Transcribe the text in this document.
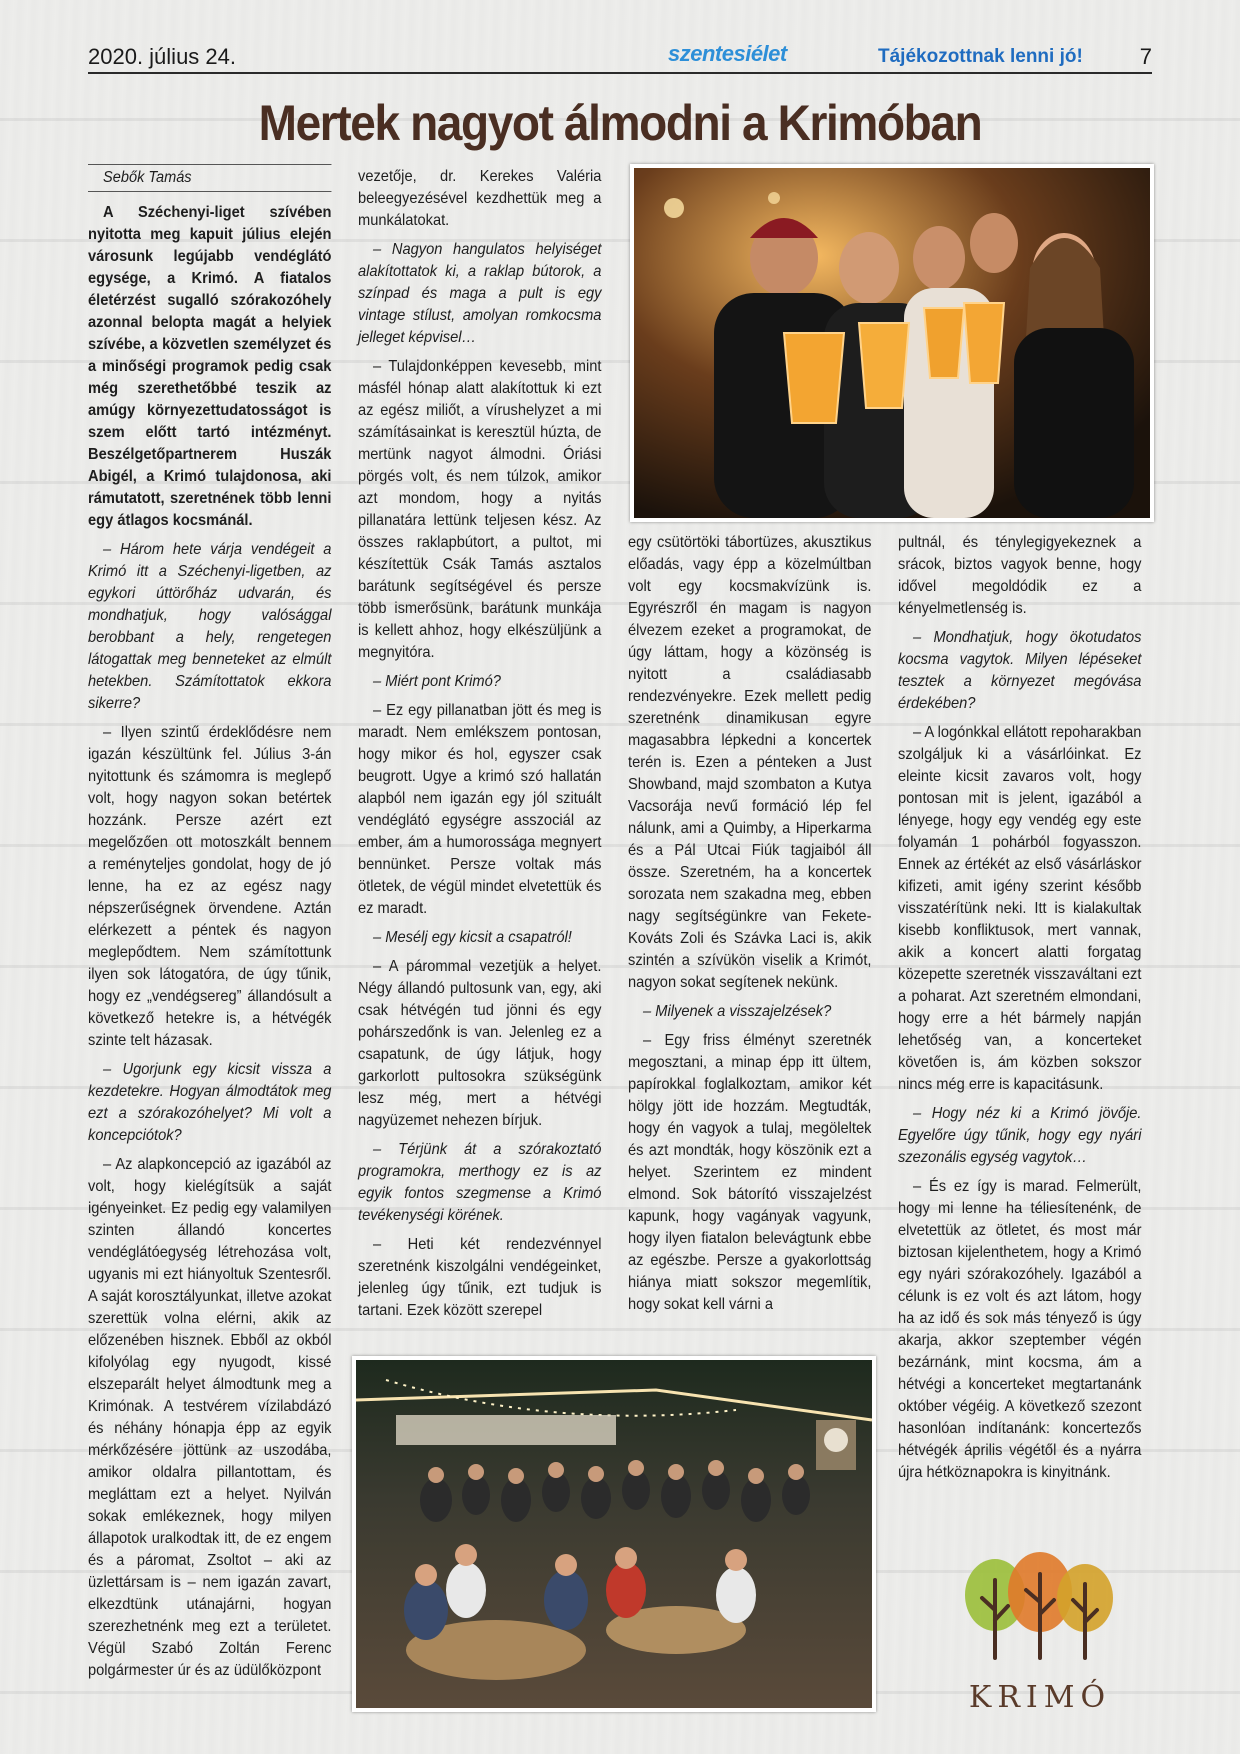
2020. július 24.	szentesiélet	Tájékozottnak lenni jó!	7
Mertek nagyot álmodni a Krimóban
Sebők Tamás

A Széchenyi-liget szívében nyitotta meg kapuit július elején városunk legújabb vendéglátó egysége, a Krimó. A fiatalos életérzést sugalló szórakozóhely azonnal belopta magát a helyiek szívébe, a közvetlen személyzet és a minőségi programok pedig csak még szerethetőbbé teszik az amúgy környezettudatosságot is szem előtt tartó intézményt. Beszélgetőpartnerem Huszák Abigél, a Krimó tulajdonosa, aki rámutatott, szeretnének több lenni egy átlagos kocsmánál.

– Három hete várja vendégeit a Krimó itt a Széchenyi-ligetben, az egykori úttörőház udvarán, és mondhatjuk, hogy valósággal berobbant a hely, rengetegen látogattak meg benneteket az elmúlt hetekben. Számítottatok ekkora sikerre?

– Ilyen szintű érdeklődésre nem igazán készültünk fel. Július 3-án nyitottunk és számomra is meglepő volt, hogy nagyon sokan betértek hozzánk. Persze azért ezt megelőzően ott motoszkált bennem a reményteljes gondolat, hogy de jó lenne, ha ez az egész nagy népszerűségnek örvendene. Aztán elérkezett a péntek és nagyon meglepődtem. Nem számítottunk ilyen sok látogatóra, de úgy tűnik, hogy ez „vendégsereg” állandósult a következő hetekre is, a hétvégék szinte telt házasak.

– Ugorjunk egy kicsit vissza a kezdetekre. Hogyan álmodtátok meg ezt a szórakozóhelyet? Mi volt a koncepciótok?

– Az alapkoncepció az igazából az volt, hogy kielégítsük a saját igényeinket. Ez pedig egy valamilyen szinten állandó koncertes vendéglátóegység létrehozása volt, ugyanis mi ezt hiányoltuk Szentesről. A saját korosztályunkat, illetve azokat szerettük volna elérni, akik az előzenében hisznek. Ebből az okból kifolyólag egy nyugodt, kissé elszeparált helyet álmodtunk meg a Krimónak. A testvérem vízilabdázó és néhány hónapja épp az egyik mérkőzésére jöttünk az uszodába, amikor oldalra pillantottam, és megláttam ezt a helyet. Nyilván sokak emlékeznek, hogy milyen állapotok uralkodtak itt, de ez engem és a páromat, Zsoltot – aki az üzlettársam is – nem igazán zavart, elkezdtünk utánajárni, hogyan szerezhetnénk meg ezt a területet. Végül Szabó Zoltán Ferenc polgármester úr és az üdülőközpont

vezetője, dr. Kerekes Valéria beleegyezésével kezdhettük meg a munkálatokat.

– Nagyon hangulatos helyiséget alakítottatok ki, a raklap bútorok, a színpad és maga a pult is egy vintage stílust, amolyan romkocsma jelleget képvisel…

– Tulajdonképpen kevesebb, mint másfél hónap alatt alakítottuk ki ezt az egész miliőt, a vírushelyzet a mi számításainkat is keresztül húzta, de mertünk nagyot álmodni. Óriási pörgés volt, és nem túlzok, amikor azt mondom, hogy a nyitás pillanatára lettünk teljesen kész. Az összes raklapbútort, a pultot, mi készítettük Csák Tamás asztalos barátunk segítségével és persze több ismerősünk, barátunk munkája is kellett ahhoz, hogy elkészüljünk a megnyitóra.

– Miért pont Krimó?

– Ez egy pillanatban jött és meg is maradt. Nem emlékszem pontosan, hogy mikor és hol, egyszer csak beugrott. Ugye a krimó szó hallatán alapból nem igazán egy jól szituált vendéglátó egységre asszociál az ember, ám a humorossága megnyert bennünket. Persze voltak más ötletek, de végül mindet elvetettük és ez maradt.

– Mesélj egy kicsit a csapatról!

– A párommal vezetjük a helyet. Négy állandó pultosunk van, egy, aki csak hétvégén tud jönni és egy pohárszedőnk is van. Jelenleg ez a csapatunk, de úgy látjuk, hogy garkorlott pultosokra szükségünk lesz még, mert a hétvégi nagyüzemet nehezen bírjuk.

– Térjünk át a szórakoztató programokra, merthogy ez is az egyik fontos szegmense a Krimó tevékenységi körének.

– Heti két rendezvénnyel szeretnénk kiszolgálni vendégeinket, jelenleg úgy tűnik, ezt tudjuk is tartani. Ezek között szerepel

egy csütörtöki tábortüzes, akusztikus előadás, vagy épp a közelmúltban volt egy kocsmakvízünk is. Egyrészről én magam is nagyon élvezem ezeket a programokat, de úgy láttam, hogy a közönség is nyitott a családiasabb rendezvényekre. Ezek mellett pedig szeretnénk dinamikusan egyre magasabbra lépkedni a koncertek terén is. Ezen a pénteken a Just Showband, majd szombaton a Kutya Vacsorája nevű formáció lép fel nálunk, ami a Quimby, a Hiperkarma és a Pál Utcai Fiúk tagjaiból áll össze. Szeretném, ha a koncertek sorozata nem szakadna meg, ebben nagy segítségünkre van Fekete-Kováts Zoli és Szávka Laci is, akik szintén a szívükön viselik a Krimót, nagyon sokat segítenek nekünk.

– Milyenek a visszajelzések?

– Egy friss élményt szeretnék megosztani, a minap épp itt ültem, papírokkal foglalkoztam, amikor két hölgy jött ide hozzám. Megtudták, hogy én vagyok a tulaj, megöleltek és azt mondták, hogy köszönik ezt a helyet. Szerintem ez mindent elmond. Sok bátorító visszajelzést kapunk, hogy vagányak vagyunk, hogy ilyen fiatalon belevágtunk ebbe az egészbe. Persze a gyakorlottság hiánya miatt sokszor megemlítik, hogy sokat kell várni a

pultnál, és ténylegigyekeznek a srácok, biztos vagyok benne, hogy idővel megoldódik ez a kényelmetlenség is.

– Mondhatjuk, hogy ökotudatos kocsma vagytok. Milyen lépéseket tesztek a környezet megóvása érdekében?

– A logónkkal ellátott repoharakban szolgáljuk ki a vásárlóinkat. Ez eleinte kicsit zavaros volt, hogy pontosan mit is jelent, igazából a lényege, hogy egy vendég egy este folyamán 1 pohárból fogyasszon. Ennek az értékét az első vásárláskor kifizeti, amit igény szerint később visszatérítünk neki. Itt is kialakultak kisebb konfliktusok, mert vannak, akik a koncert alatti forgatag közepette szeretnék visszaváltani ezt a poharat. Azt szeretném elmondani, hogy erre a hét bármely napján lehetőség van, a koncerteket követően is, ám közben sokszor nincs még erre is kapacitásunk.

– Hogy néz ki a Krimó jövője. Egyelőre úgy tűnik, hogy egy nyári szezonális egység vagytok…

– És ez így is marad. Felmerült, hogy mi lenne ha téliesítenénk, de elvetettük az ötletet, és most már biztosan kijelenthetem, hogy a Krimó egy nyári szórakozóhely. Igazából a célunk is ez volt és azt látom, hogy ha az idő és sok más tényező is úgy akarja, akkor szeptember végén bezárnánk, mint kocsma, ám a hétvégi a koncerteket megtartanánk október végéig. A következő szezont hasonlóan indítanánk: koncertezős hétvégék április végétől és a nyárra újra hétköznapokra is kinyitnánk.

KRIMÓ
